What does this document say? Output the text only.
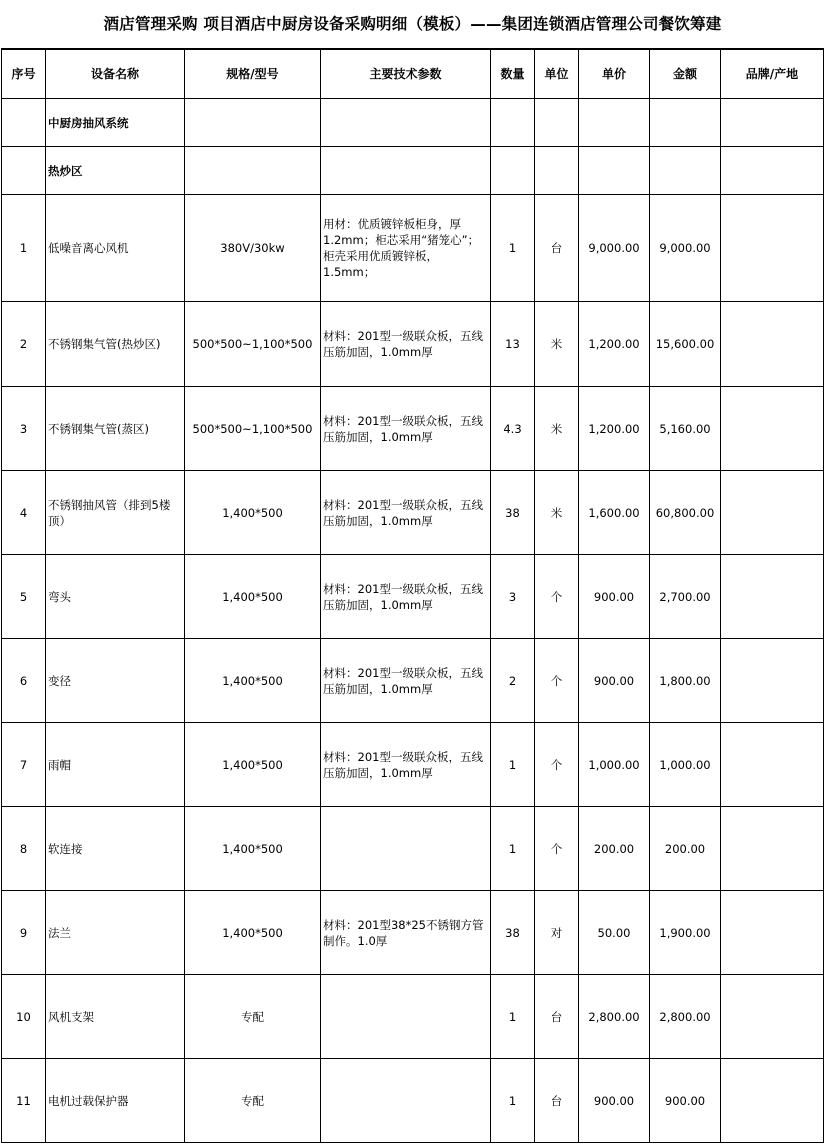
酒店管理采购 项目酒店中厨房设备采购明细（模板）——集团连锁酒店管理公司餐饮筹建
序号	设备名称	规格/型号	主要技术参数	数量	单位	单价	金额	品牌/产地
	中厨房抽风系统							
	热炒区							
1	低噪音离心风机	380V/30kw	用材：优质镀锌板柜身，厚1.2mm；柜芯采用“猪笼心”；柜壳采用优质镀锌板，1.5mm；	1	台	9,000.00	9,000.00	
2	不锈钢集气管(热炒区)	500*500~1,100*500	材料：201型一级联众板，五线压筋加固，1.0mm厚	13	米	1,200.00	15,600.00	
3	不锈钢集气管(蒸区)	500*500~1,100*500	材料：201型一级联众板，五线压筋加固，1.0mm厚	4.3	米	1,200.00	5,160.00	
4	不锈钢抽风管（排到5楼顶）	1,400*500	材料：201型一级联众板，五线压筋加固，1.0mm厚	38	米	1,600.00	60,800.00	
5	弯头	1,400*500	材料：201型一级联众板，五线压筋加固，1.0mm厚	3	个	900.00	2,700.00	
6	变径	1,400*500	材料：201型一级联众板，五线压筋加固，1.0mm厚	2	个	900.00	1,800.00	
7	雨帽	1,400*500	材料：201型一级联众板，五线压筋加固，1.0mm厚	1	个	1,000.00	1,000.00	
8	软连接	1,400*500		1	个	200.00	200.00	
9	法兰	1,400*500	材料：201型38*25不锈钢方管制作。1.0厚	38	对	50.00	1,900.00	
10	风机支架	专配		1	台	2,800.00	2,800.00	
11	电机过载保护器	专配		1	台	900.00	900.00	
